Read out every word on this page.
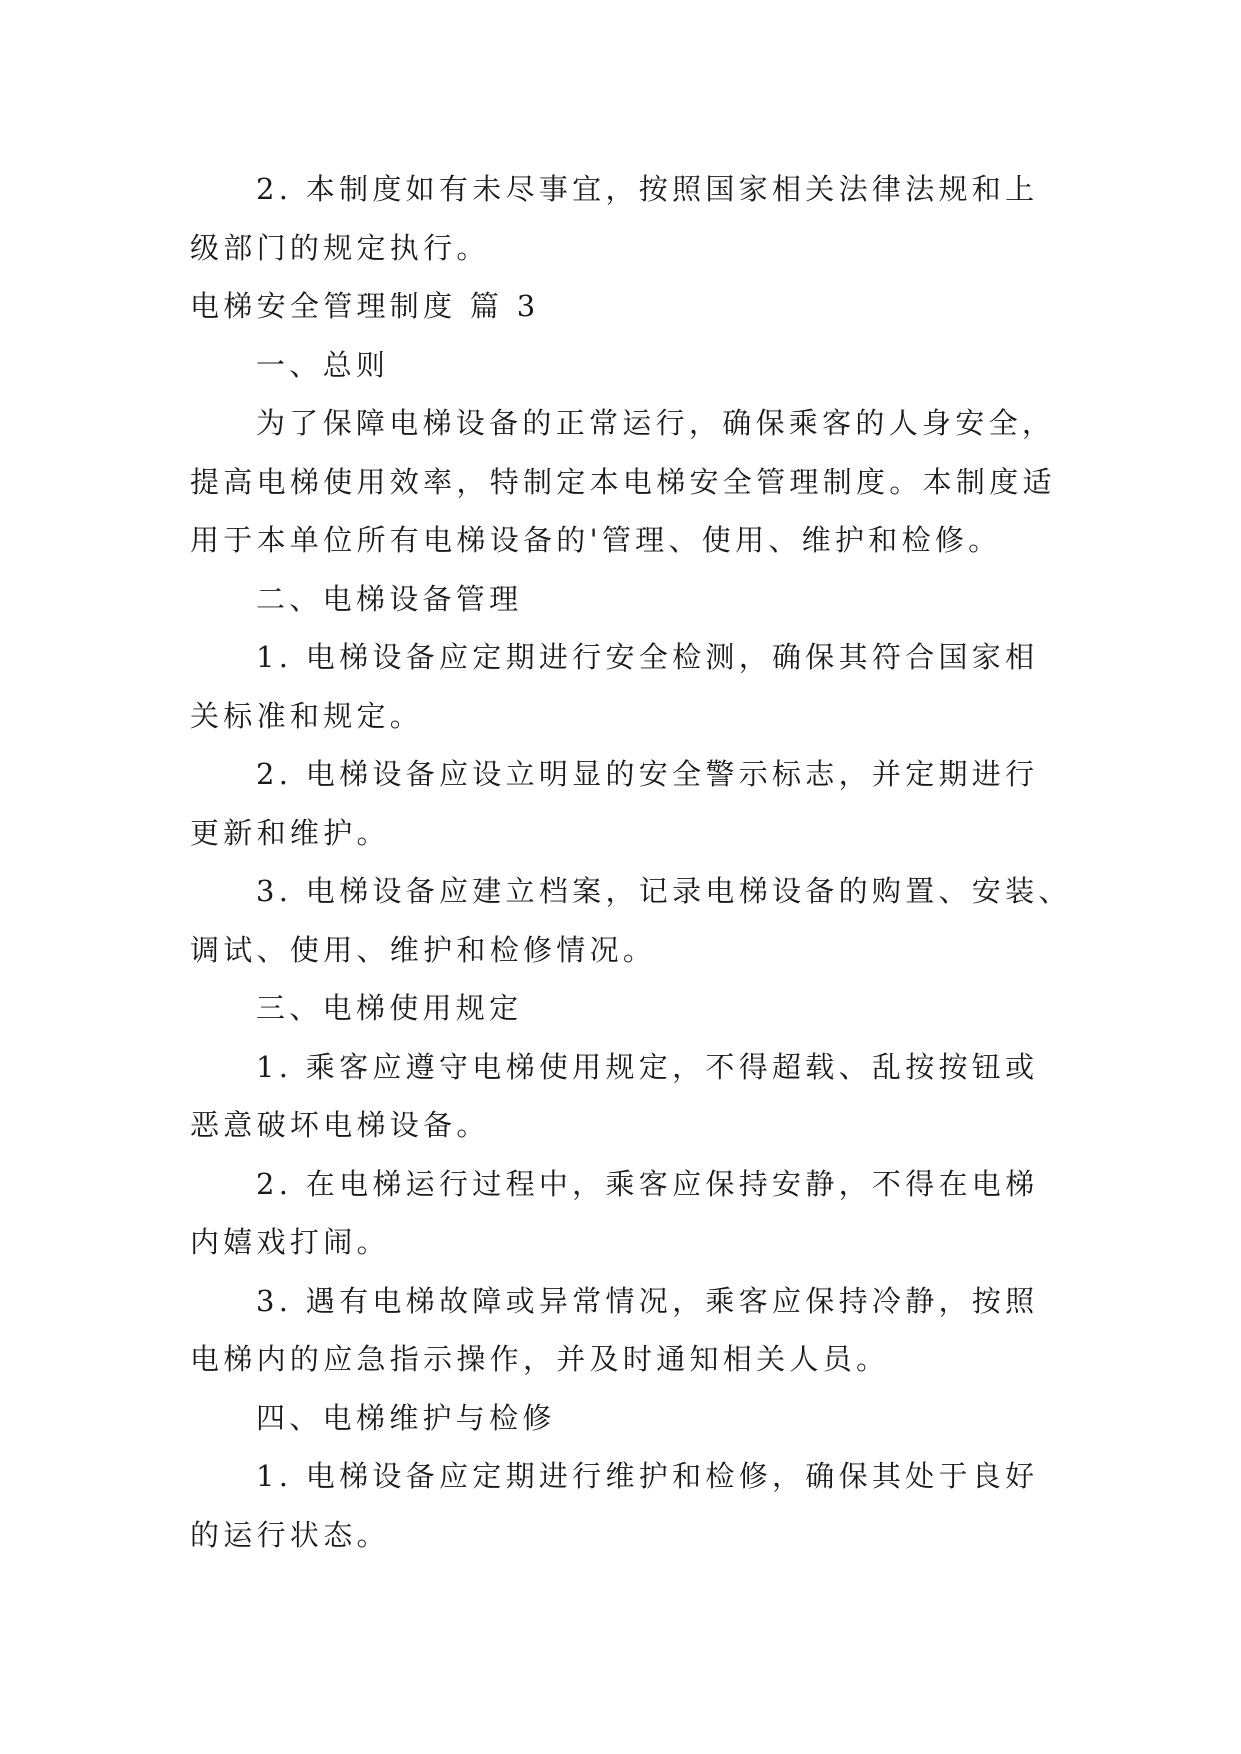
2. 本制度如有未尽事宜，按照国家相关法律法规和上
级部门的规定执行。
电梯安全管理制度 篇 3
一、总则
为了保障电梯设备的正常运行，确保乘客的人身安全，
提高电梯使用效率，特制定本电梯安全管理制度。本制度适
用于本单位所有电梯设备的'管理、使用、维护和检修。
二、电梯设备管理
1. 电梯设备应定期进行安全检测，确保其符合国家相
关标准和规定。
2. 电梯设备应设立明显的安全警示标志，并定期进行
更新和维护。
3. 电梯设备应建立档案，记录电梯设备的购置、安装、
调试、使用、维护和检修情况。
三、电梯使用规定
1. 乘客应遵守电梯使用规定，不得超载、乱按按钮或
恶意破坏电梯设备。
2. 在电梯运行过程中，乘客应保持安静，不得在电梯
内嬉戏打闹。
3. 遇有电梯故障或异常情况，乘客应保持冷静，按照
电梯内的应急指示操作，并及时通知相关人员。
四、电梯维护与检修
1. 电梯设备应定期进行维护和检修，确保其处于良好
的运行状态。
